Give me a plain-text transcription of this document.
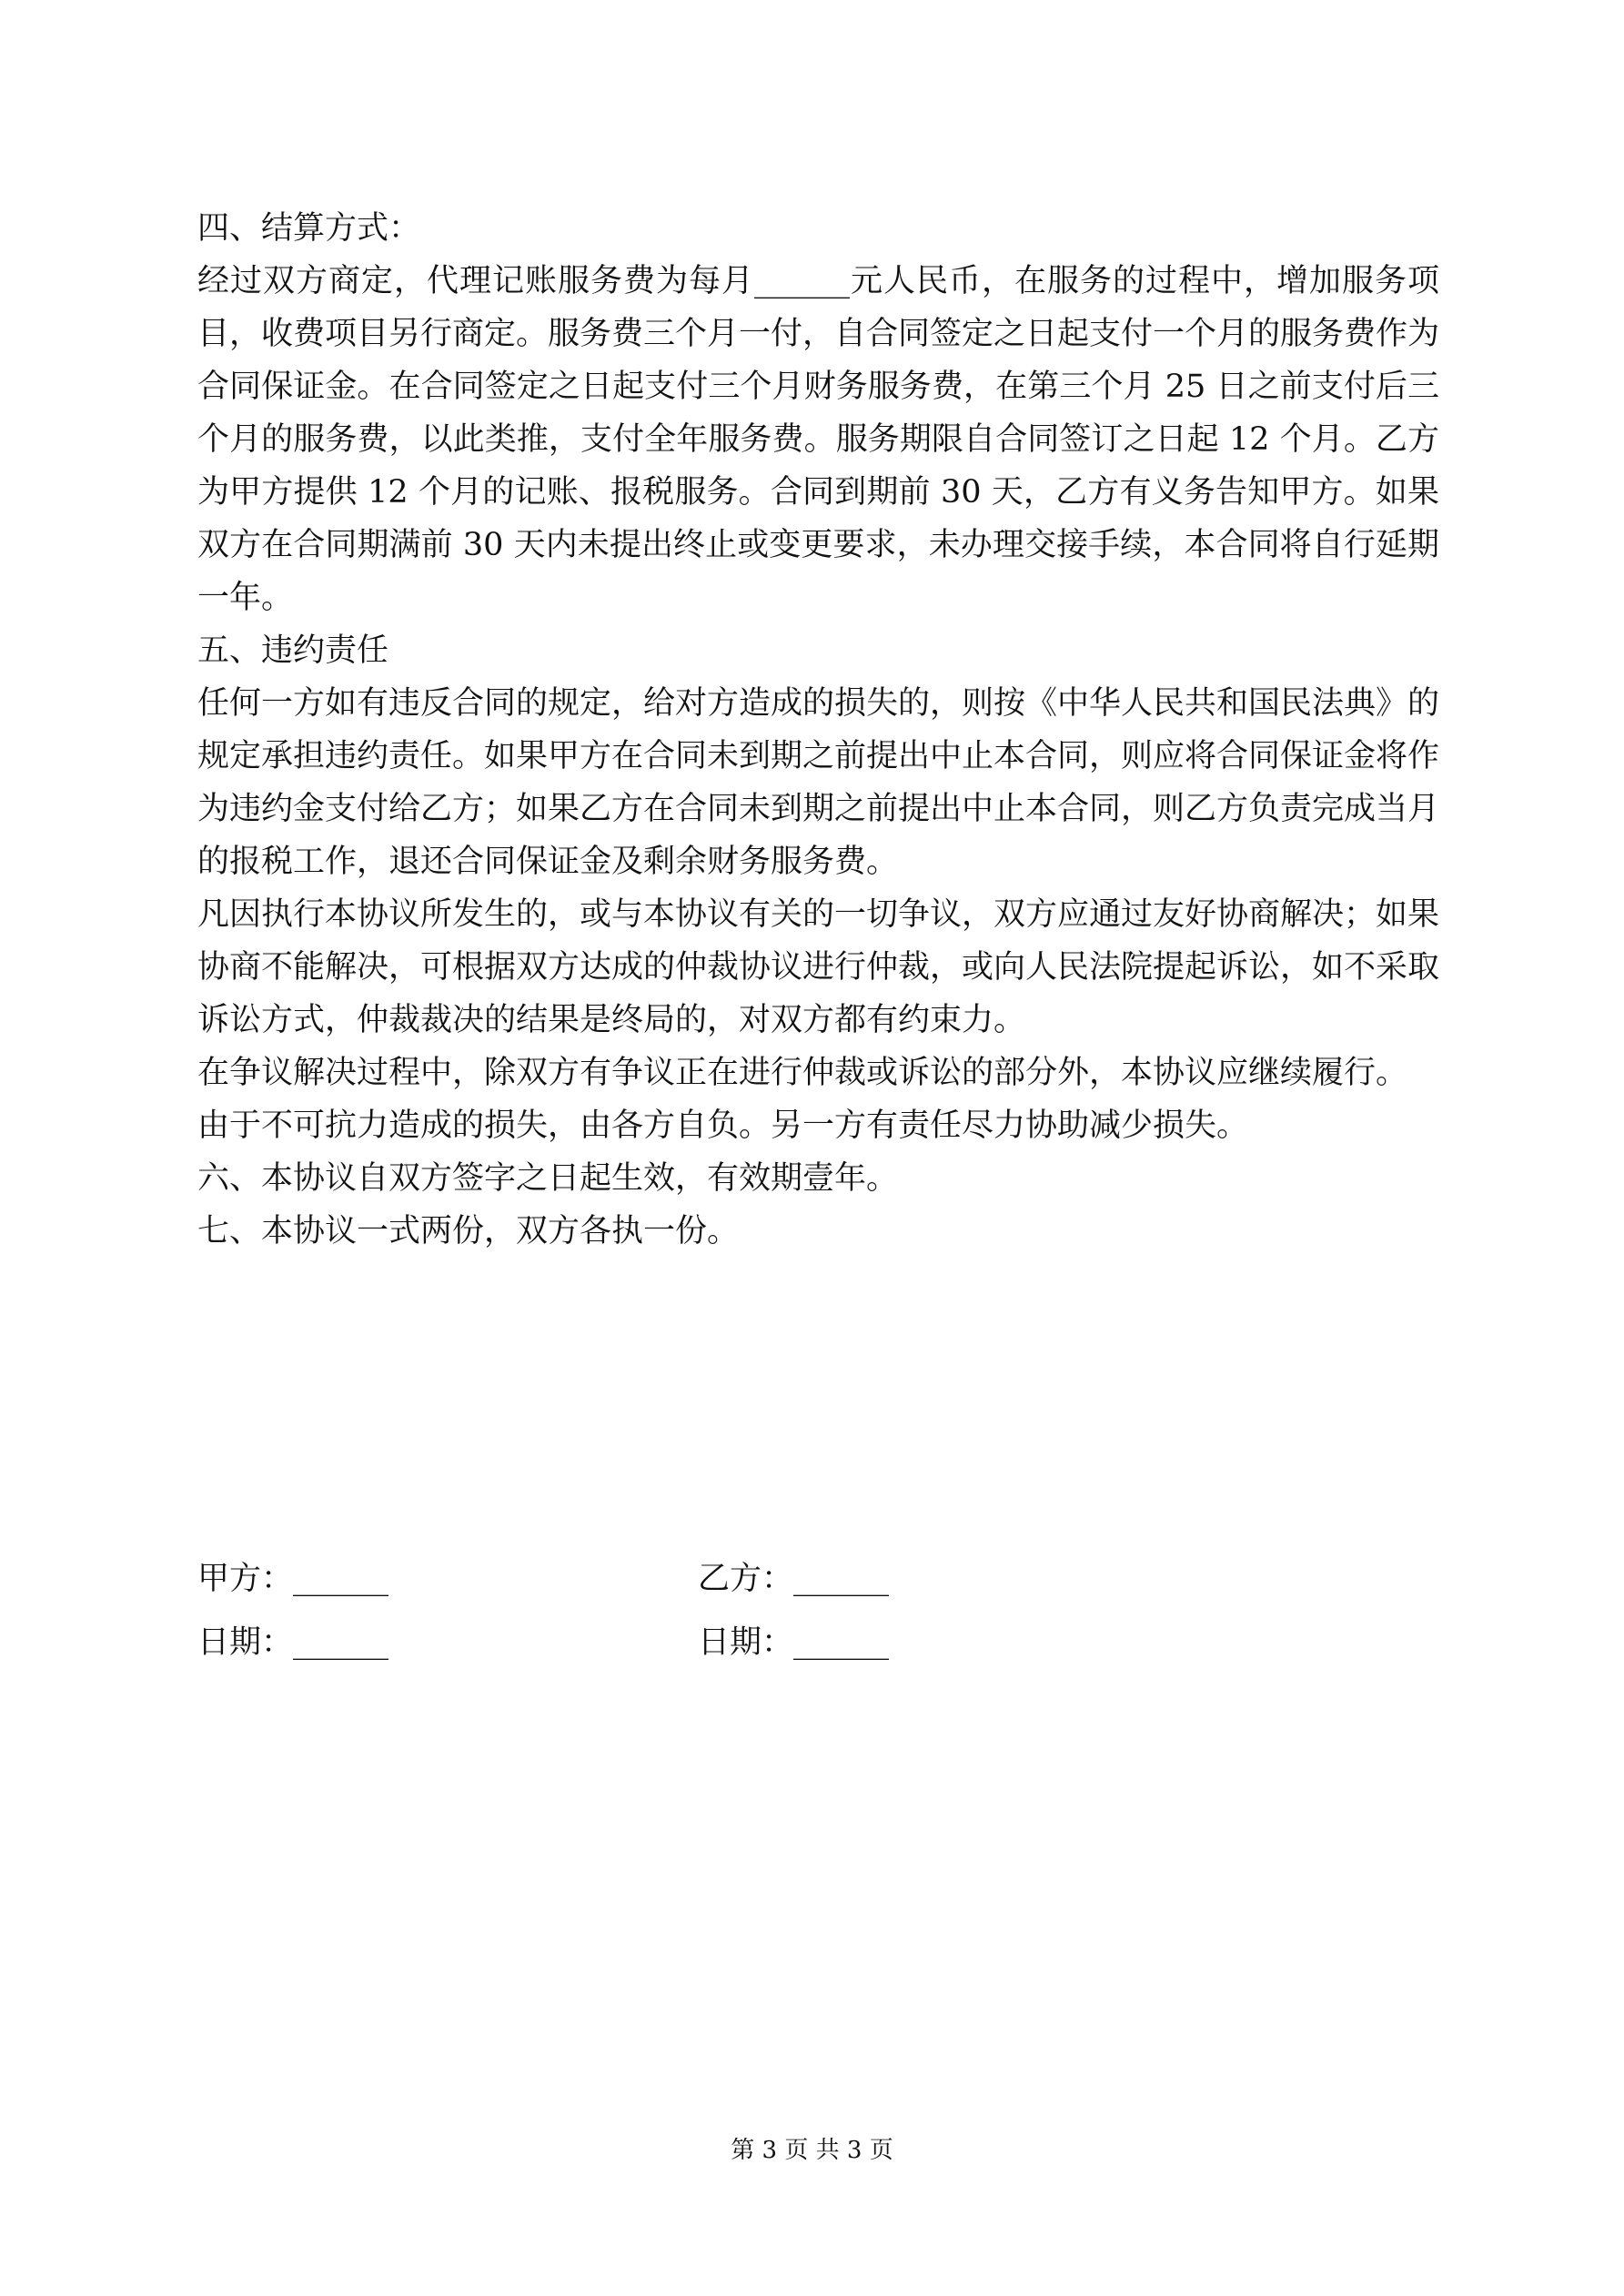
四、结算方式：

经过双方商定，代理记账服务费为每月______元人民币，在服务的过程中，增加服务项目，收费项目另行商定。服务费三个月一付，自合同签定之日起支付一个月的服务费作为合同保证金。在合同签定之日起支付三个月财务服务费，在第三个月 25 日之前支付后三个月的服务费，以此类推，支付全年服务费。服务期限自合同签订之日起 12 个月。乙方为甲方提供 12 个月的记账、报税服务。合同到期前 30 天，乙方有义务告知甲方。如果双方在合同期满前 30 天内未提出终止或变更要求，未办理交接手续，本合同将自行延期一年。

五、违约责任

任何一方如有违反合同的规定，给对方造成的损失的，则按《中华人民共和国民法典》的规定承担违约责任。如果甲方在合同未到期之前提出中止本合同，则应将合同保证金将作为违约金支付给乙方；如果乙方在合同未到期之前提出中止本合同，则乙方负责完成当月的报税工作，退还合同保证金及剩余财务服务费。

凡因执行本协议所发生的，或与本协议有关的一切争议，双方应通过友好协商解决；如果协商不能解决，可根据双方达成的仲裁协议进行仲裁，或向人民法院提起诉讼，如不采取诉讼方式，仲裁裁决的结果是终局的，对双方都有约束力。

在争议解决过程中，除双方有争议正在进行仲裁或诉讼的部分外，本协议应继续履行。

由于不可抗力造成的损失，由各方自负。另一方有责任尽力协助减少损失。

六、本协议自双方签字之日起生效，有效期壹年。

七、本协议一式两份，双方各执一份。

甲方：______	乙方：______
日期：______	日期：______
第 3 页 共 3 页
